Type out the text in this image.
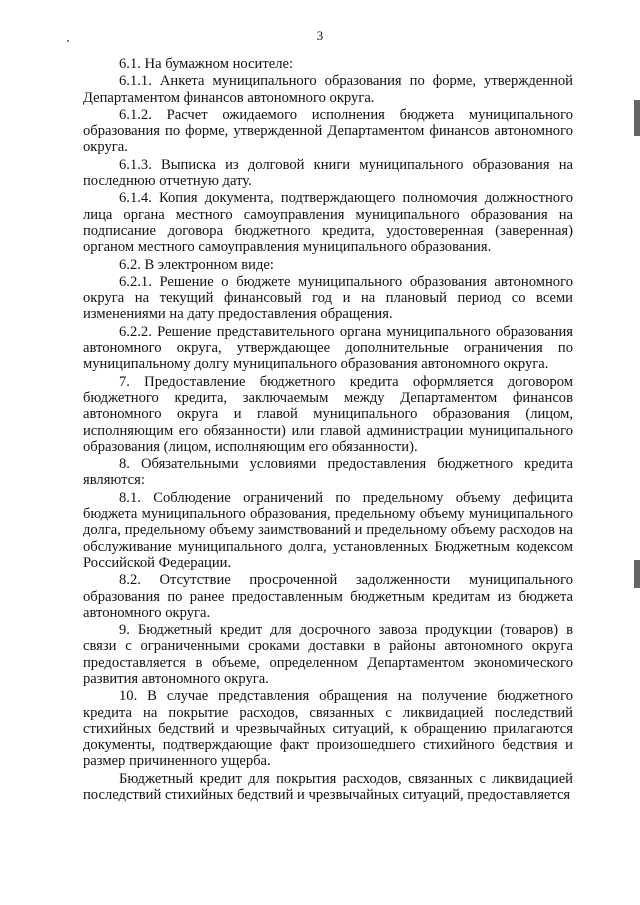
3

6.1. На бумажном носителе:

6.1.1. Анкета муниципального образования по форме, утвержденной Департаментом финансов автономного округа.

6.1.2. Расчет ожидаемого исполнения бюджета муниципального образования по форме, утвержденной Департаментом финансов автономного округа.

6.1.3. Выписка из долговой книги муниципального образования на последнюю отчетную дату.

6.1.4. Копия документа, подтверждающего полномочия должностного лица органа местного самоуправления муниципального образования на подписание договора бюджетного кредита, удостоверенная (заверенная) органом местного самоуправления муниципального образования.

6.2. В электронном виде:

6.2.1. Решение о бюджете муниципального образования автономного округа на текущий финансовый год и на плановый период со всеми изменениями на дату предоставления обращения.

6.2.2. Решение представительного органа муниципального образования автономного округа, утверждающее дополнительные ограничения по муниципальному долгу муниципального образования автономного округа.

7. Предоставление бюджетного кредита оформляется договором бюджетного кредита, заключаемым между Департаментом финансов автономного округа и главой муниципального образования (лицом, исполняющим его обязанности) или главой администрации муниципального образования (лицом, исполняющим его обязанности).

8. Обязательными условиями предоставления бюджетного кредита являются:

8.1. Соблюдение ограничений по предельному объему дефицита бюджета муниципального образования, предельному объему муниципального долга, предельному объему заимствований и предельному объему расходов на обслуживание муниципального долга, установленных Бюджетным кодексом Российской Федерации.

8.2. Отсутствие просроченной задолженности муниципального образования по ранее предоставленным бюджетным кредитам из бюджета автономного округа.

9. Бюджетный кредит для досрочного завоза продукции (товаров) в связи с ограниченными сроками доставки в районы автономного округа предоставляется в объеме, определенном Департаментом экономического развития автономного округа.

10. В случае представления обращения на получение бюджетного кредита на покрытие расходов, связанных с ликвидацией последствий стихийных бедствий и чрезвычайных ситуаций, к обращению прилагаются документы, подтверждающие факт произошедшего стихийного бедствия и размер причиненного ущерба.

Бюджетный кредит для покрытия расходов, связанных с ликвидацией последствий стихийных бедствий и чрезвычайных ситуаций, предоставляется
